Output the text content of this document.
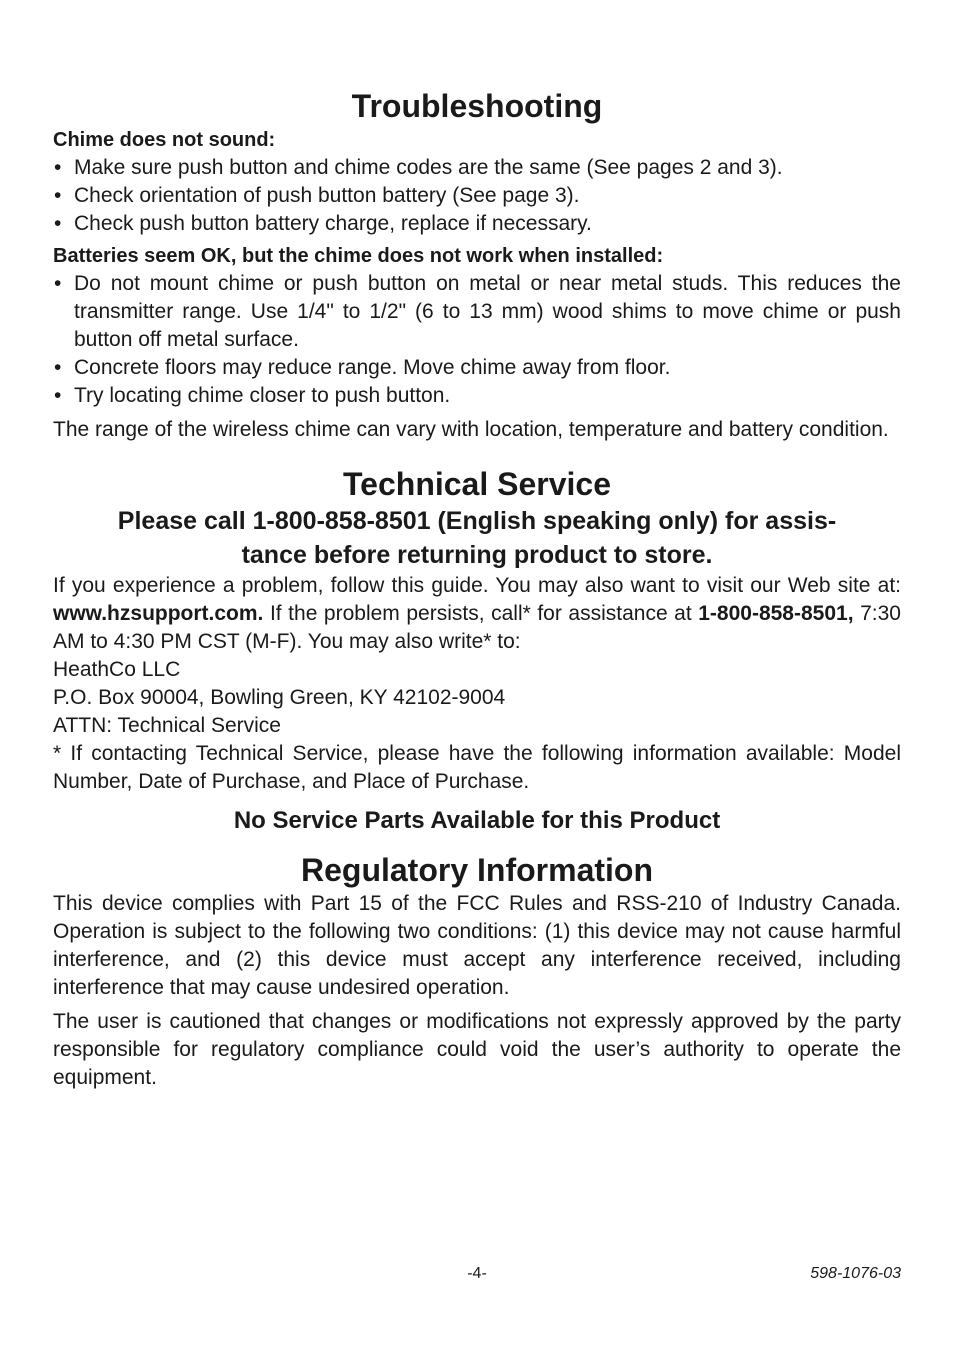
Troubleshooting
Chime does not sound:
• Make sure push button and chime codes are the same (See pages 2 and 3).
• Check orientation of push button battery (See page 3).
• Check push button battery charge, replace if necessary.
Batteries seem OK, but the chime does not work when installed:
• Do not mount chime or push button on metal or near metal studs. This reduces the transmitter range. Use 1/4" to 1/2" (6 to 13 mm) wood shims to move chime or push button off metal surface.
• Concrete floors may reduce range. Move chime away from floor.
• Try locating chime closer to push button.

The range of the wireless chime can vary with location, temperature and battery condition.

Technical Service
Please call 1-800-858-8501 (English speaking only) for assis-
tance before returning product to store.

If you experience a problem, follow this guide. You may also want to visit our Web site at: www.hzsupport.com. If the problem persists, call* for assistance at 1-800-858-8501, 7:30 AM to 4:30 PM CST (M-F). You may also write* to:

HeathCo LLC

P.O. Box 90004, Bowling Green, KY 42102-9004

ATTN: Technical Service

* If contacting Technical Service, please have the following information available: Model Number, Date of Purchase, and Place of Purchase.

No Service Parts Available for this Product
Regulatory Information

This device complies with Part 15 of the FCC Rules and RSS-210 of Industry Canada. Operation is subject to the following two conditions: (1) this device may not cause harmful interference, and (2) this device must accept any interference received, including interference that may cause undesired operation.

The user is cautioned that changes or modifications not expressly approved by the party responsible for regulatory compliance could void the user’s authority to operate the equipment.

-4-	598-1076-03
